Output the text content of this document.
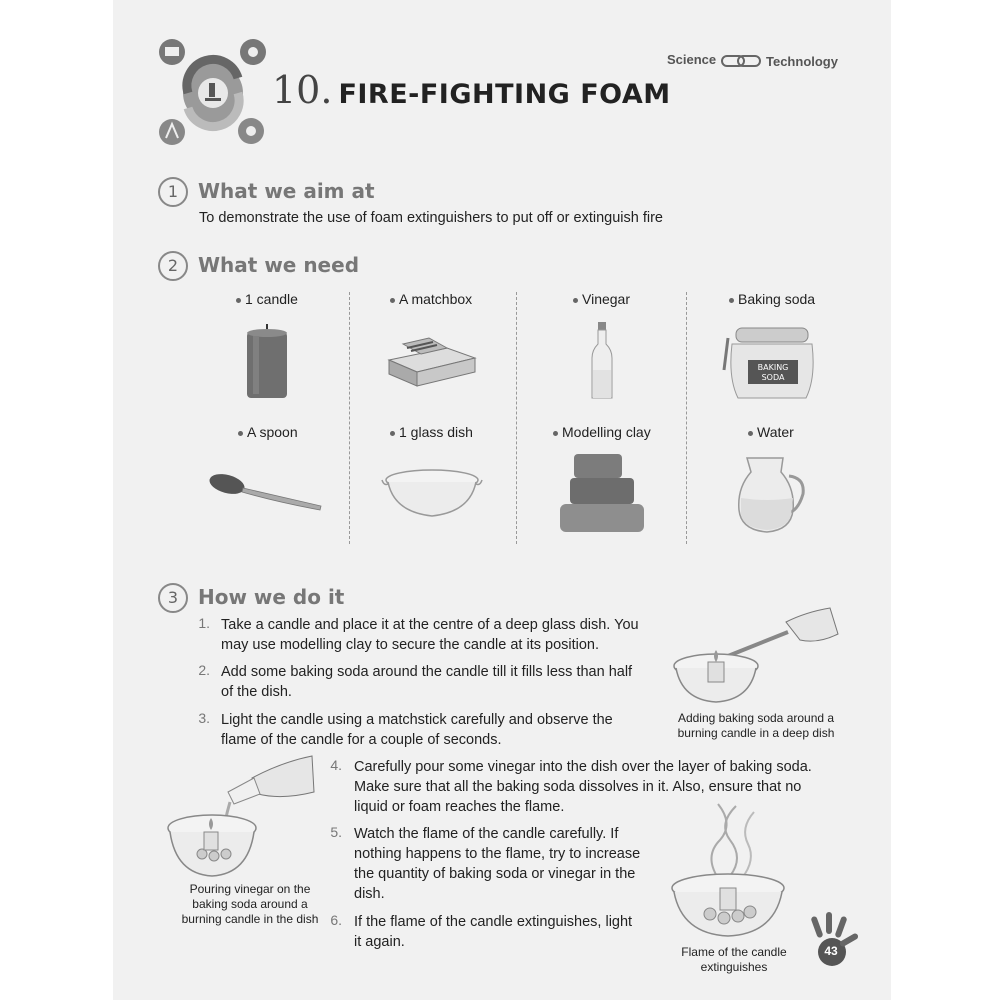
10. FIRE-FIGHTING FOAM
Science	Technology
1 What we aim at
To demonstrate the use of foam extinguishers to put off or extinguish fire
2 What we need
1 candle	A matchbox	Vinegar	Baking soda
A spoon	1 glass dish	Modelling clay	Water
BAKING
SODA
3 How we do it
1. Take a candle and place it at the centre of a deep glass dish. You
may use modelling clay to secure the candle at its position.
2. Add some baking soda around the candle till it fills less than half
of the dish.
3. Light the candle using a matchstick carefully and observe the
flame of the candle for a couple of seconds.
4. Carefully pour some vinegar into the dish over the layer of baking soda.
Make sure that all the baking soda dissolves in it. Also, ensure that no
liquid or foam reaches the flame.
5. Watch the flame of the candle carefully. If
nothing happens to the flame, try to increase
the quantity of baking soda or vinegar in the
dish.
6. If the flame of the candle extinguishes, light
it again.
Adding baking soda around a
burning candle in a deep dish
Pouring vinegar on the
baking soda around a
burning candle in the dish
Flame of the candle
extinguishes
43
